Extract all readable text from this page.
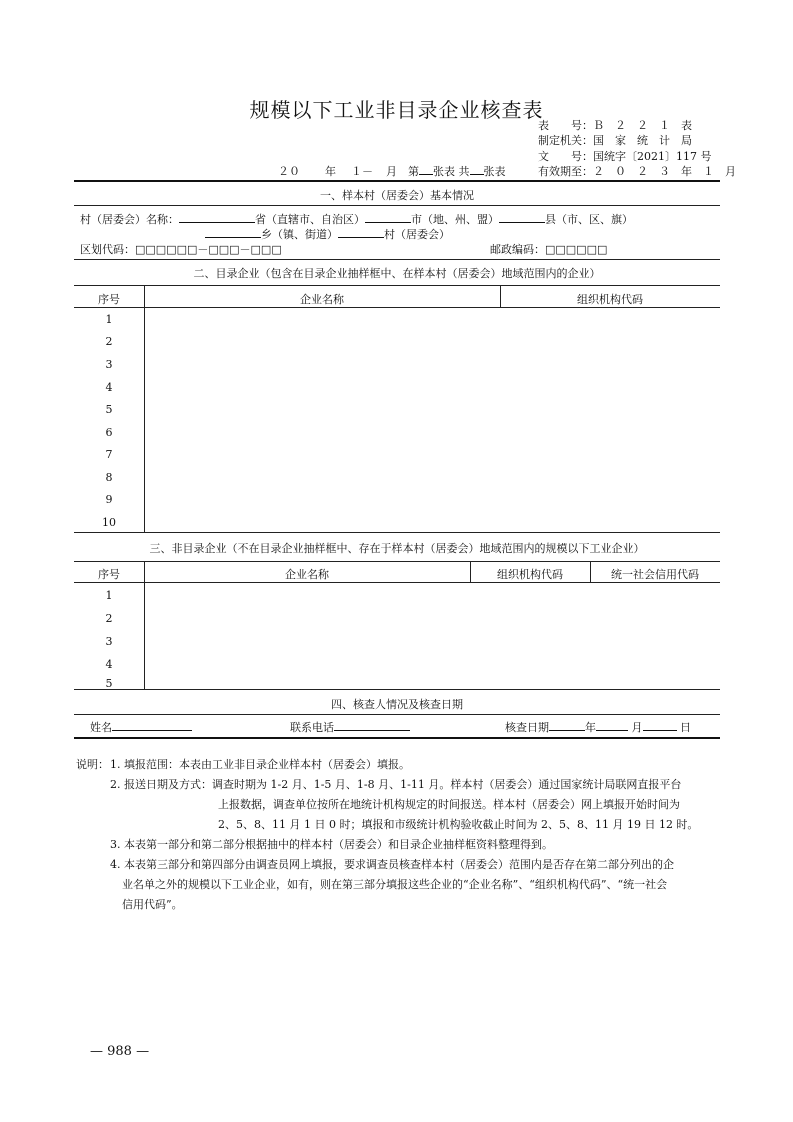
规模以下工业非目录企业核查表
表　　号：Ｂ　２　２　１　表
制定机关：国　家　统　计　局
文　　号：国统字〔2021〕117 号
有效期至：２　０　２　３　年　１　月
２０ 年 １－ 月 第 张表 共 张表
一、样本村（居委会）基本情况
村（居委会）名称：	省（直辖市、自治区）	市（地、州、盟）	县（市、区、旗）
乡（镇、街道）	村（居委会）
区划代码：□□□□□□－□□□－□□□	邮政编码：□□□□□□
二、目录企业（包含在目录企业抽样框中、在样本村（居委会）地域范围内的企业）
序号	企业名称	组织机构代码
1
2
3
4
5
6
7
8
9
10
三、非目录企业（不在目录企业抽样框中、存在于样本村（居委会）地域范围内的规模以下工业企业）
序号	企业名称	组织机构代码	统一社会信用代码
1
2
3
4
5
四、核查人情况及核查日期
姓名	联系电话	核查日期	年	月	日
说明： 1. 填报范围：本表由工业非目录企业样本村（居委会）填报。
2. 报送日期及方式：调查时期为 1-2 月、1-5 月、1-8 月、1-11 月。样本村（居委会）通过国家统计局联网直报平台
上报数据，调查单位按所在地统计机构规定的时间报送。样本村（居委会）网上填报开始时间为
2、5、8、11 月 1 日 0 时；填报和市级统计机构验收截止时间为 2、5、8、11 月 19 日 12 时。
3. 本表第一部分和第二部分根据抽中的样本村（居委会）和目录企业抽样框资料整理得到。
4. 本表第三部分和第四部分由调查员网上填报，要求调查员核查样本村（居委会）范围内是否存在第二部分列出的企
业名单之外的规模以下工业企业，如有，则在第三部分填报这些企业的“企业名称”、“组织机构代码”、“统一社会
信用代码”。
— 988 —
